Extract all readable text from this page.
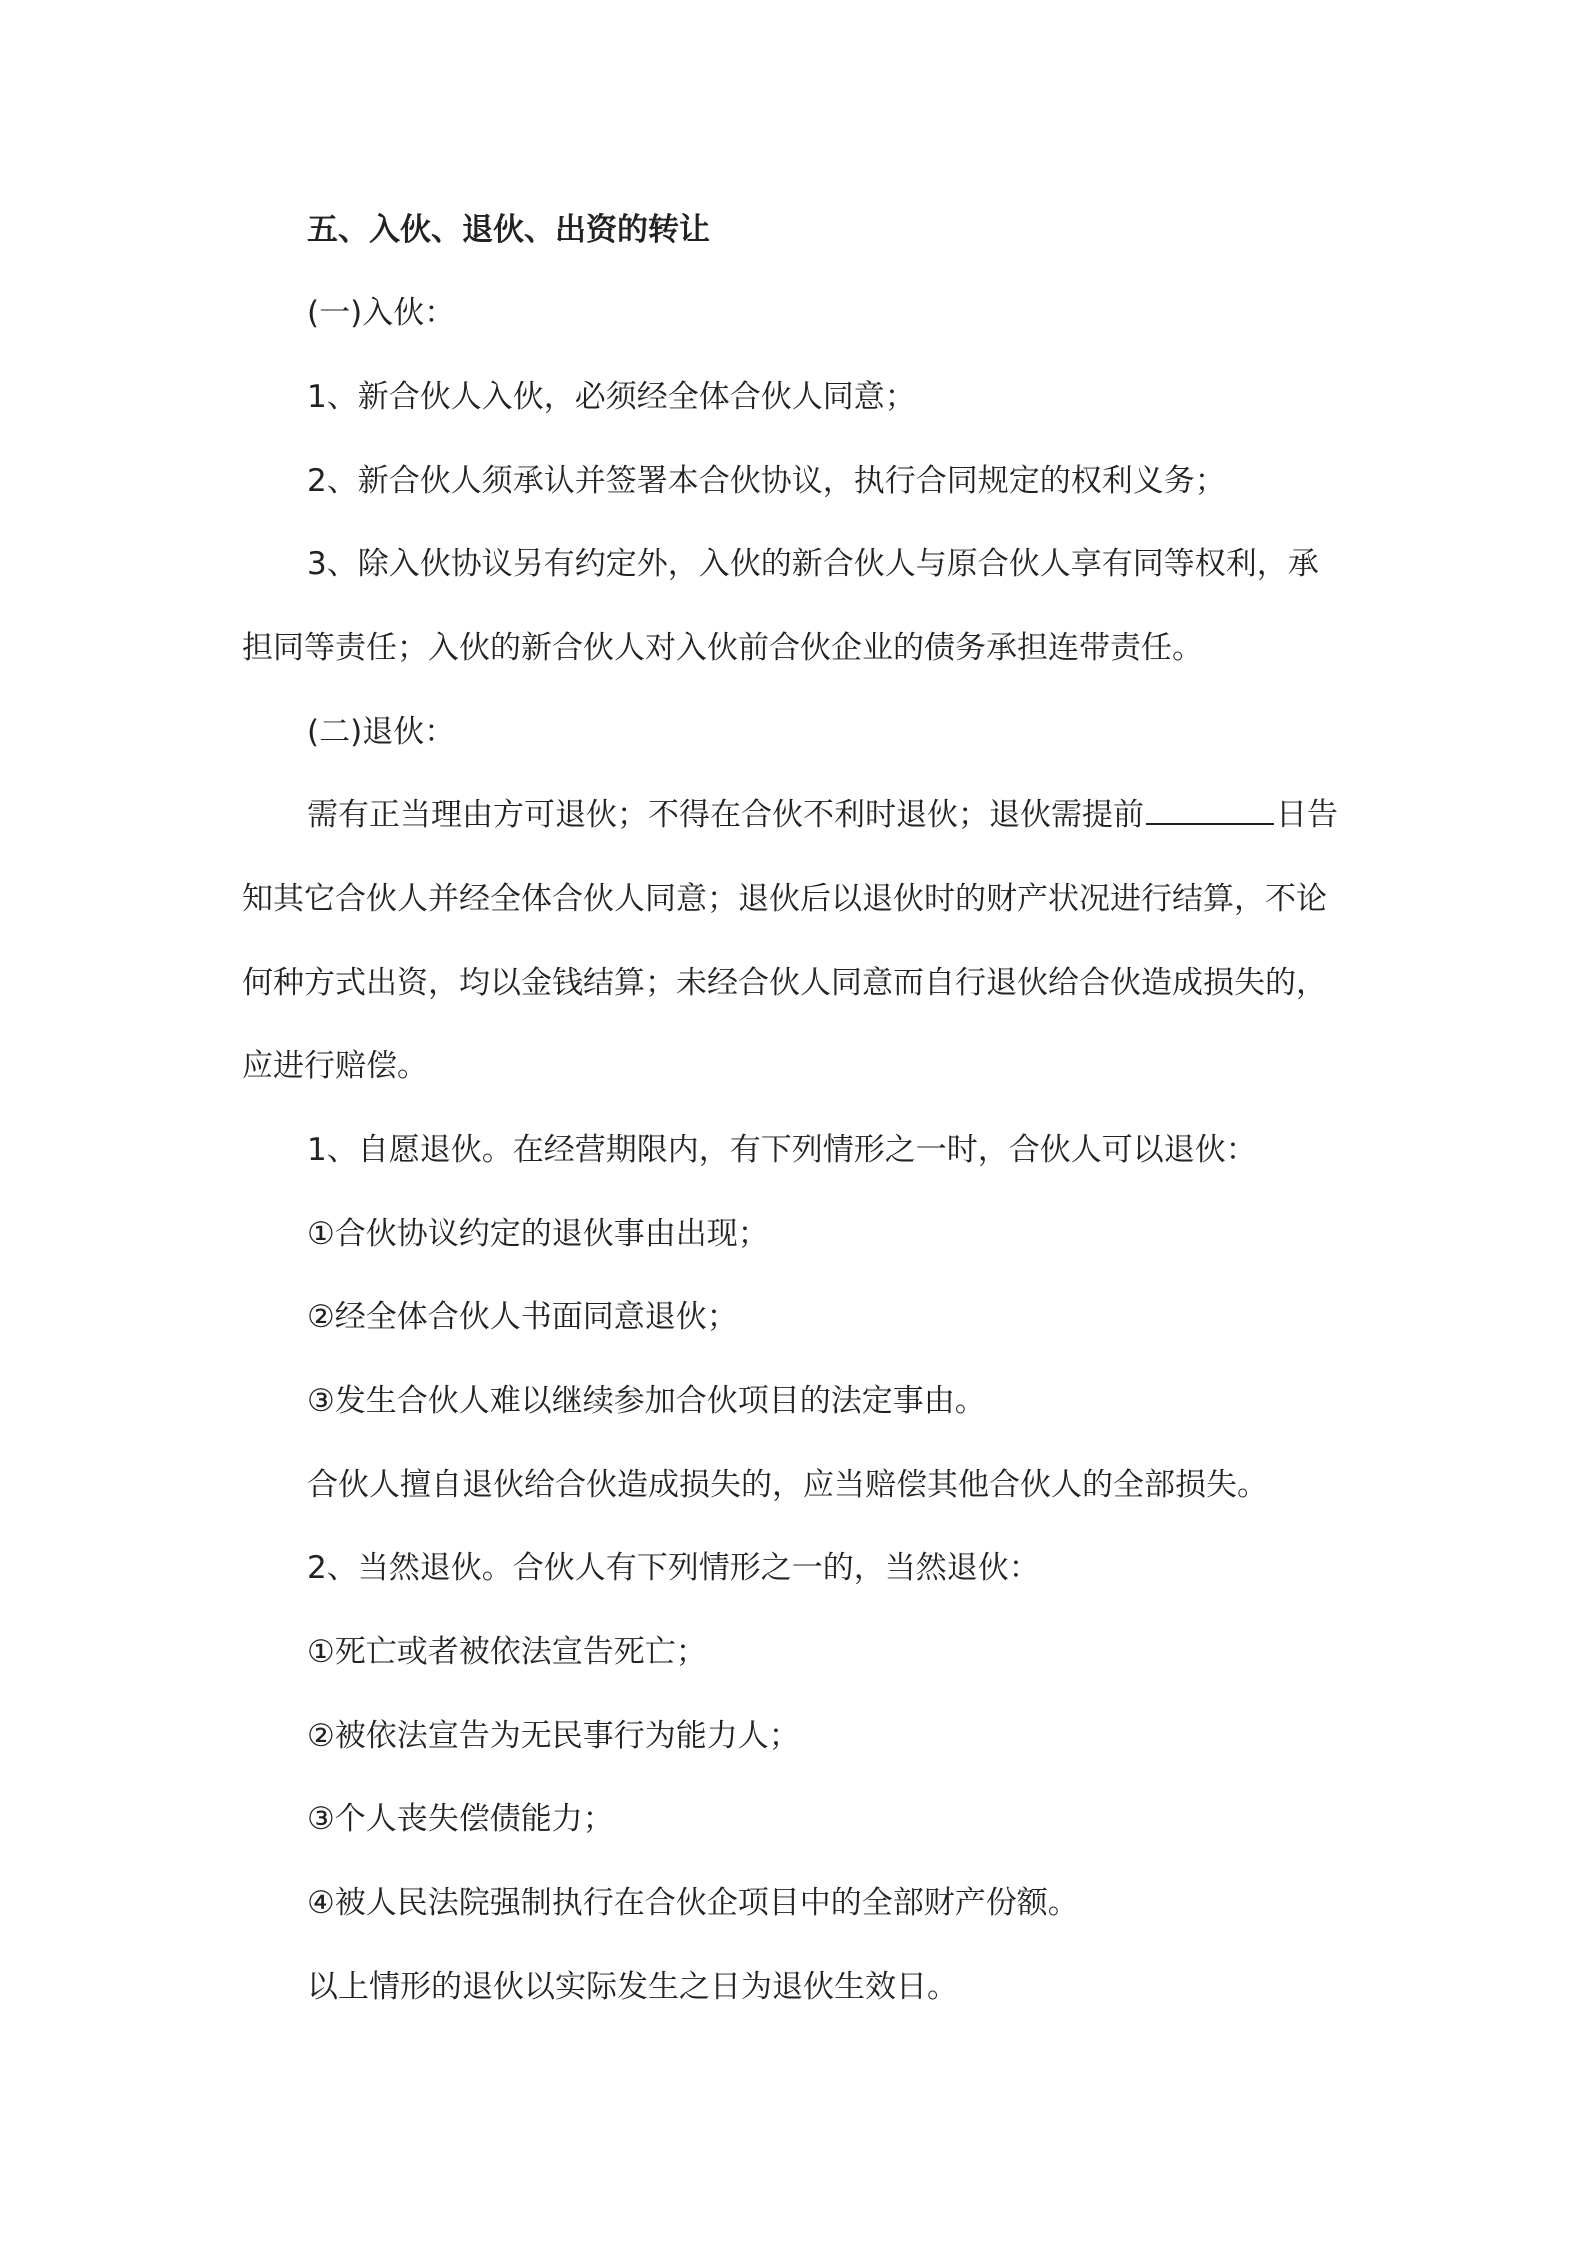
五、入伙、退伙、出资的转让
(一)入伙：
1、新合伙人入伙，必须经全体合伙人同意；
2、新合伙人须承认并签署本合伙协议，执行合同规定的权利义务；
3、除入伙协议另有约定外，入伙的新合伙人与原合伙人享有同等权利，承
担同等责任；入伙的新合伙人对入伙前合伙企业的债务承担连带责任。
(二)退伙：
需有正当理由方可退伙；不得在合伙不利时退伙；退伙需提前	日告
知其它合伙人并经全体合伙人同意；退伙后以退伙时的财产状况进行结算，不论
何种方式出资，均以金钱结算；未经合伙人同意而自行退伙给合伙造成损失的，
应进行赔偿。
1、自愿退伙。在经营期限内，有下列情形之一时，合伙人可以退伙：
①合伙协议约定的退伙事由出现；
②经全体合伙人书面同意退伙；
③发生合伙人难以继续参加合伙项目的法定事由。
合伙人擅自退伙给合伙造成损失的，应当赔偿其他合伙人的全部损失。
2、当然退伙。合伙人有下列情形之一的，当然退伙：
①死亡或者被依法宣告死亡；
②被依法宣告为无民事行为能力人；
③个人丧失偿债能力；
④被人民法院强制执行在合伙企项目中的全部财产份额。
以上情形的退伙以实际发生之日为退伙生效日。
